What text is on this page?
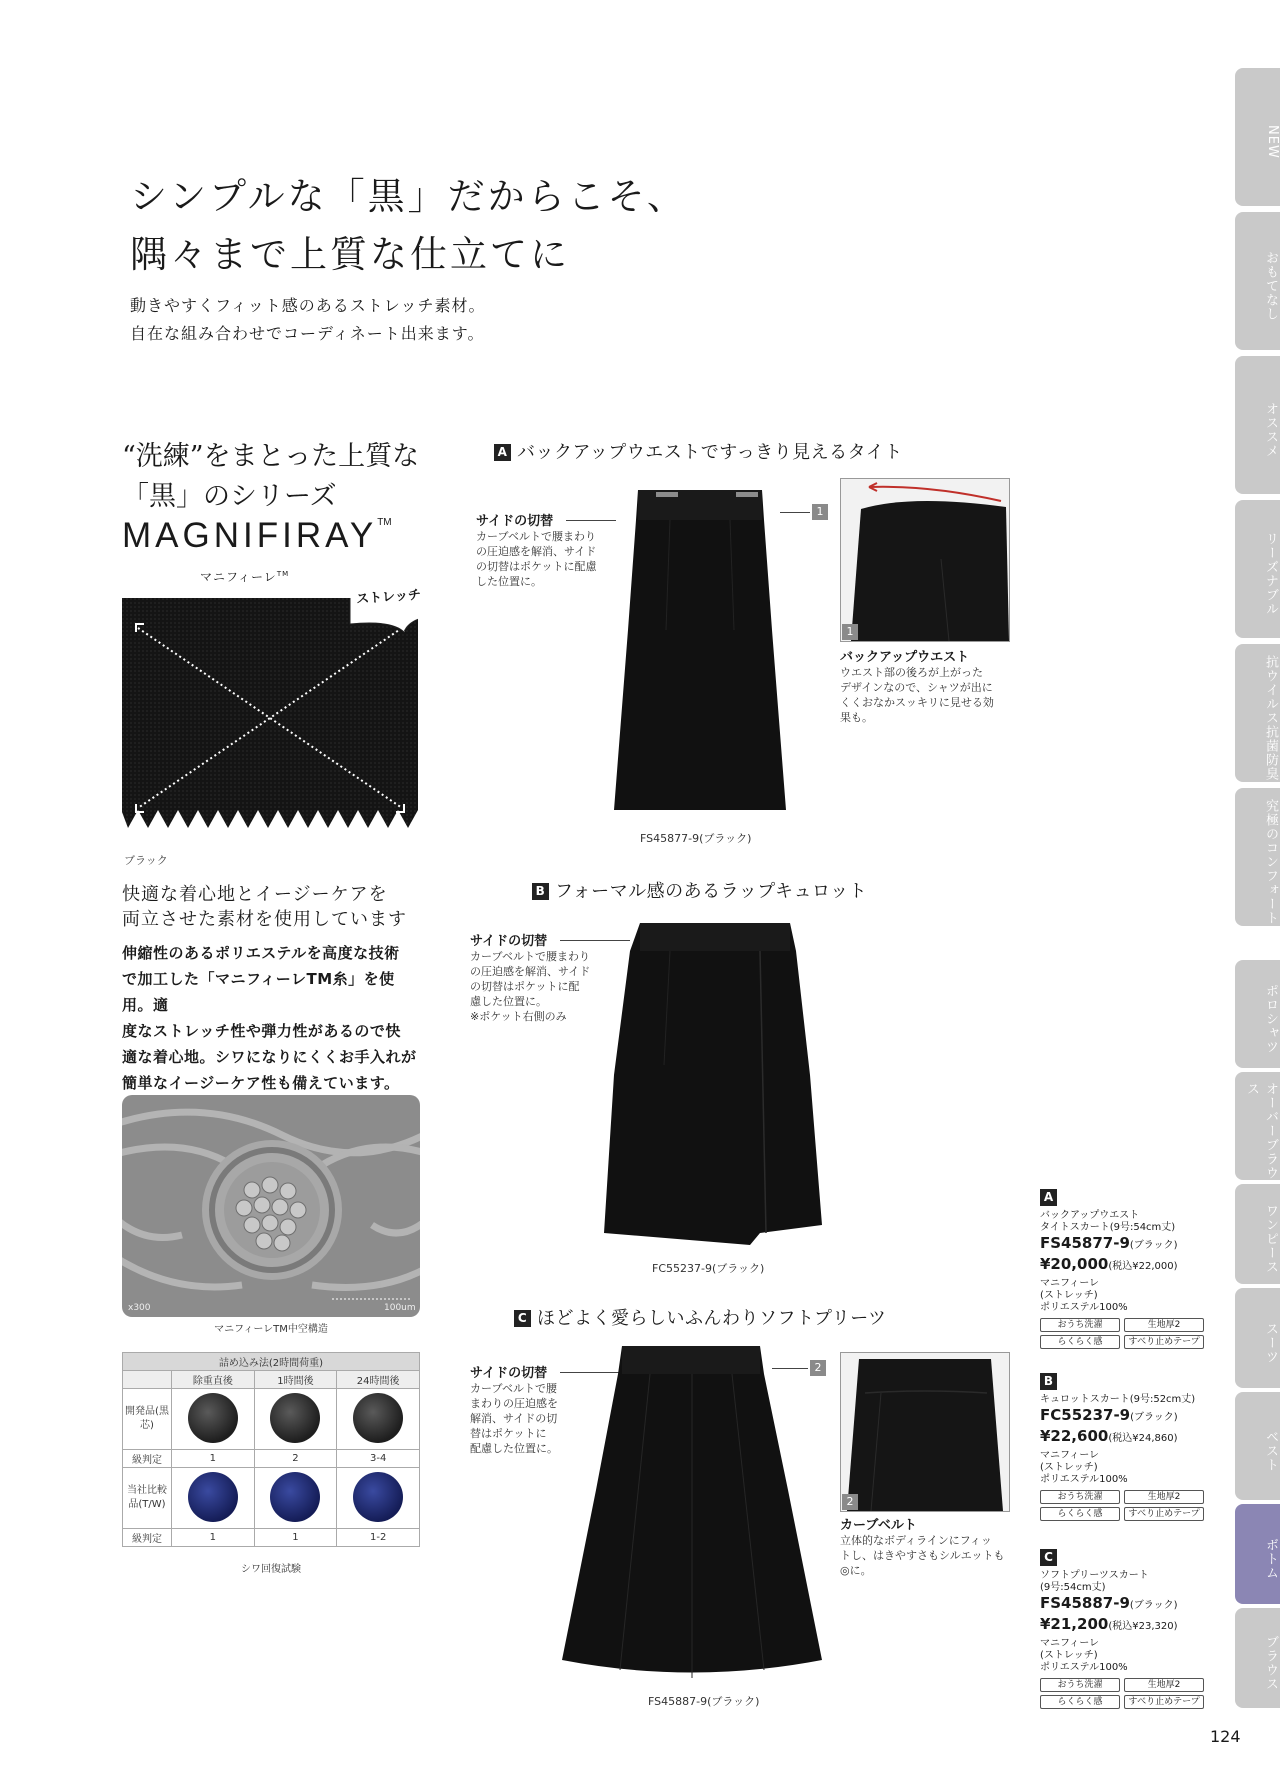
シンプルな「黒」だからこそ、
隅々まで上質な仕立てに
動きやすくフィット感のあるストレッチ素材。
自在な組み合わせでコーディネート出来ます。
“洗練”をまとった上質な
「黒」のシリーズ
MAGNIFIRAY™
マニフィーレ™
ストレッチ
ブラック
快適な着心地とイージーケアを
両立させた素材を使用しています
伸縮性のあるポリエステルを高度な技術
で加工した「マニフィーレTM糸」を使用。適
度なストレッチ性や弾力性があるので快
適な着心地。シワになりにくくお手入れが
簡単なイージーケア性も備えています。
x300	100um
マニフィーレTM中空構造
詰め込み法(2時間荷重)			
	除重直後	1時間後	24時間後
開発品(黒芯)			
級判定	1	2	3-4
当社比較品(T/W)			
級判定	1	1	1-2
シワ回復試験
A バックアップウエストですっきり見えるタイト
サイドの切替
カーブベルトで腰まわり
の圧迫感を解消、サイド
の切替はポケットに配慮
した位置に。
1
1
バックアップウエスト
ウエスト部の後ろが上がった
デザインなので、シャツが出に
くくおなかスッキリに見せる効
果も。
FS45877-9(ブラック)
B フォーマル感のあるラップキュロット
サイドの切替
カーブベルトで腰まわり
の圧迫感を解消、サイド
の切替はポケットに配
慮した位置に。
※ポケット右側のみ
FC55237-9(ブラック)
C ほどよく愛らしいふんわりソフトプリーツ
サイドの切替
カーブベルトで腰
まわりの圧迫感を
解消、サイドの切
替はポケットに
配慮した位置に。
2
2
カーブベルト
立体的なボディラインにフィッ
トし、はきやすさもシルエットも
◎に。
FS45887-9(ブラック)
A
バックアップウエスト
タイトスカート(9号:54cm丈)
FS45877-9(ブラック)
¥20,000(税込¥22,000)
マニフィーレ
(ストレッチ)
ポリエステル100%
おうち洗濯	生地厚2
らくらく感	すべり止めテープ
B
キュロットスカート(9号:52cm丈)
FC55237-9(ブラック)
¥22,600(税込¥24,860)
マニフィーレ
(ストレッチ)
ポリエステル100%
おうち洗濯	生地厚2
らくらく感	すべり止めテープ
C
ソフトプリーツスカート
(9号:54cm丈)
FS45887-9(ブラック)
¥21,200(税込¥23,320)
マニフィーレ
(ストレッチ)
ポリエステル100%
おうち洗濯	生地厚2
らくらく感	すべり止めテープ
NEW
おもてなし
オススメ
リーズナブル
抗ウイルス抗菌防臭
究極のコンフォート
ポロシャツ
オーバーブラウス
ワンピース
スーツ
ベスト
ボトム
ブラウス
124
